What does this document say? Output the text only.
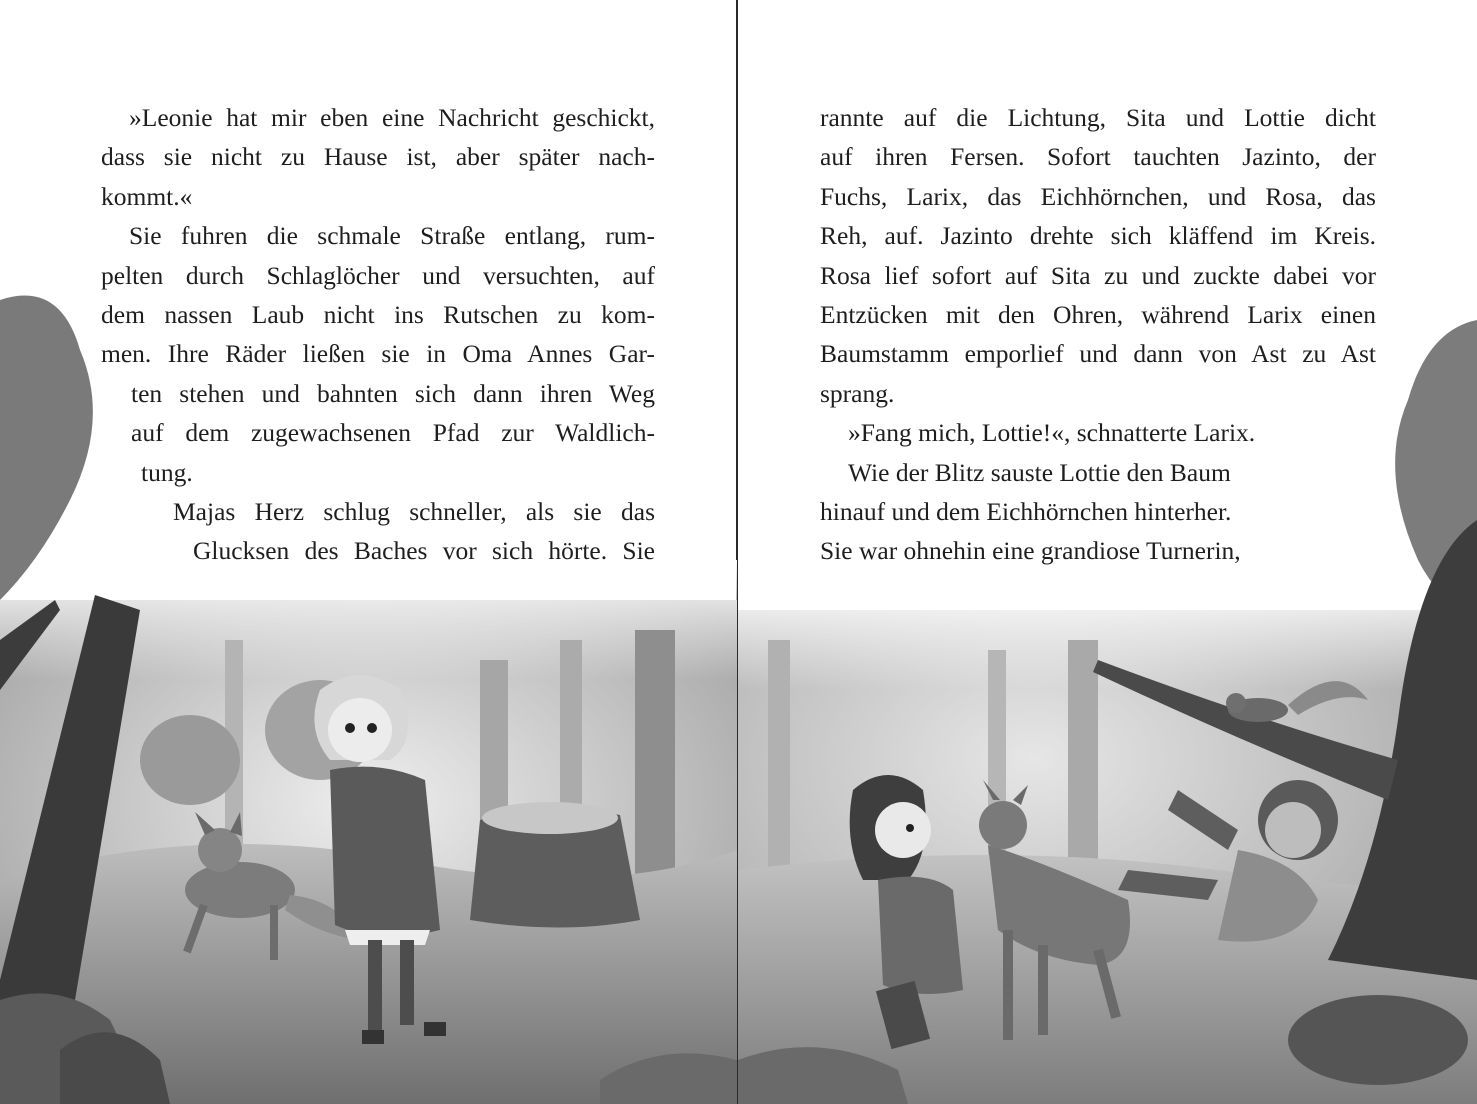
»Leonie hat mir eben eine Nachricht geschickt,
dass sie nicht zu Hause ist, aber später nach-
kommt.«
Sie fuhren die schmale Straße entlang, rum-
pelten durch Schlaglöcher und versuchten, auf
dem nassen Laub nicht ins Rutschen zu kom-
men. Ihre Räder ließen sie in Oma Annes Gar-
ten stehen und bahnten sich dann ihren Weg
auf dem zugewachsenen Pfad zur Waldlich-
tung.
Majas Herz schlug schneller, als sie das
Glucksen des Baches vor sich hörte. Sie
rannte auf die Lichtung, Sita und Lottie dicht
auf ihren Fersen. Sofort tauchten Jazinto, der
Fuchs, Larix, das Eichhörnchen, und Rosa, das
Reh, auf. Jazinto drehte sich kläffend im Kreis.
Rosa lief sofort auf Sita zu und zuckte dabei vor
Entzücken mit den Ohren, während Larix einen
Baumstamm emporlief und dann von Ast zu Ast
sprang.
»Fang mich, Lottie!«, schnatterte Larix.
Wie der Blitz sauste Lottie den Baum
hinauf und dem Eichhörnchen hinterher.
Sie war ohnehin eine grandiose Turnerin,
